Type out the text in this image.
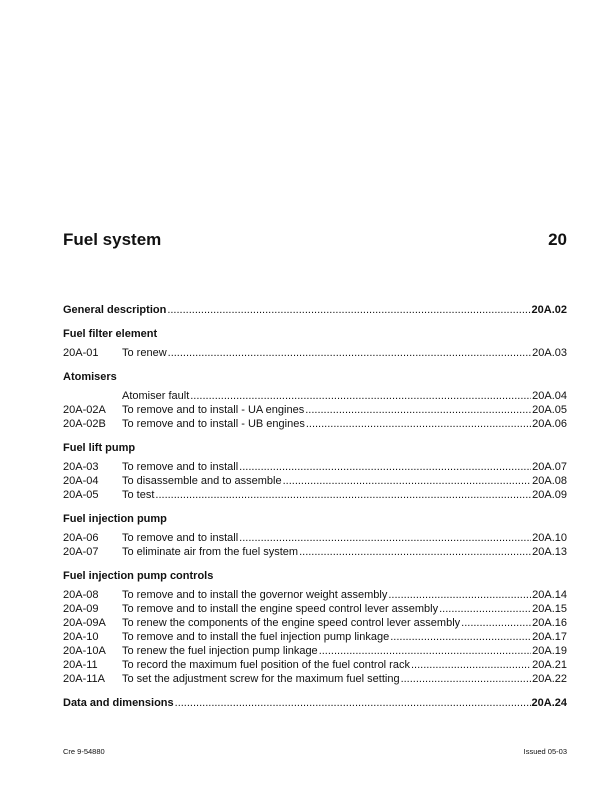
Fuel system	20
General description .....	20A.02
Fuel filter element
20A-01	To renew .....	20A.03
Atomisers
Atomiser fault .....	20A.04
20A-02A	To remove and to install - UA engines .....	20A.05
20A-02B	To remove and to install - UB engines .....	20A.06
Fuel lift pump
20A-03	To remove and to install .....	20A.07
20A-04	To disassemble and to assemble .....	20A.08
20A-05	To test .....	20A.09
Fuel injection pump
20A-06	To remove and to install .....	20A.10
20A-07	To eliminate air from the fuel system .....	20A.13
Fuel injection pump controls
20A-08	To remove and to install the governor weight assembly .....	20A.14
20A-09	To remove and to install the engine speed control lever assembly .....	20A.15
20A-09A	To renew the components of the engine speed control lever assembly .....	20A.16
20A-10	To remove and to install the fuel injection pump linkage .....	20A.17
20A-10A	To renew the fuel injection pump linkage .....	20A.19
20A-11	To record the maximum fuel position of the fuel control rack .....	20A.21
20A-11A	To set the adjustment screw for the maximum fuel setting .....	20A.22
Data and dimensions .....	20A.24
Cre 9-54880	Issued 05-03
